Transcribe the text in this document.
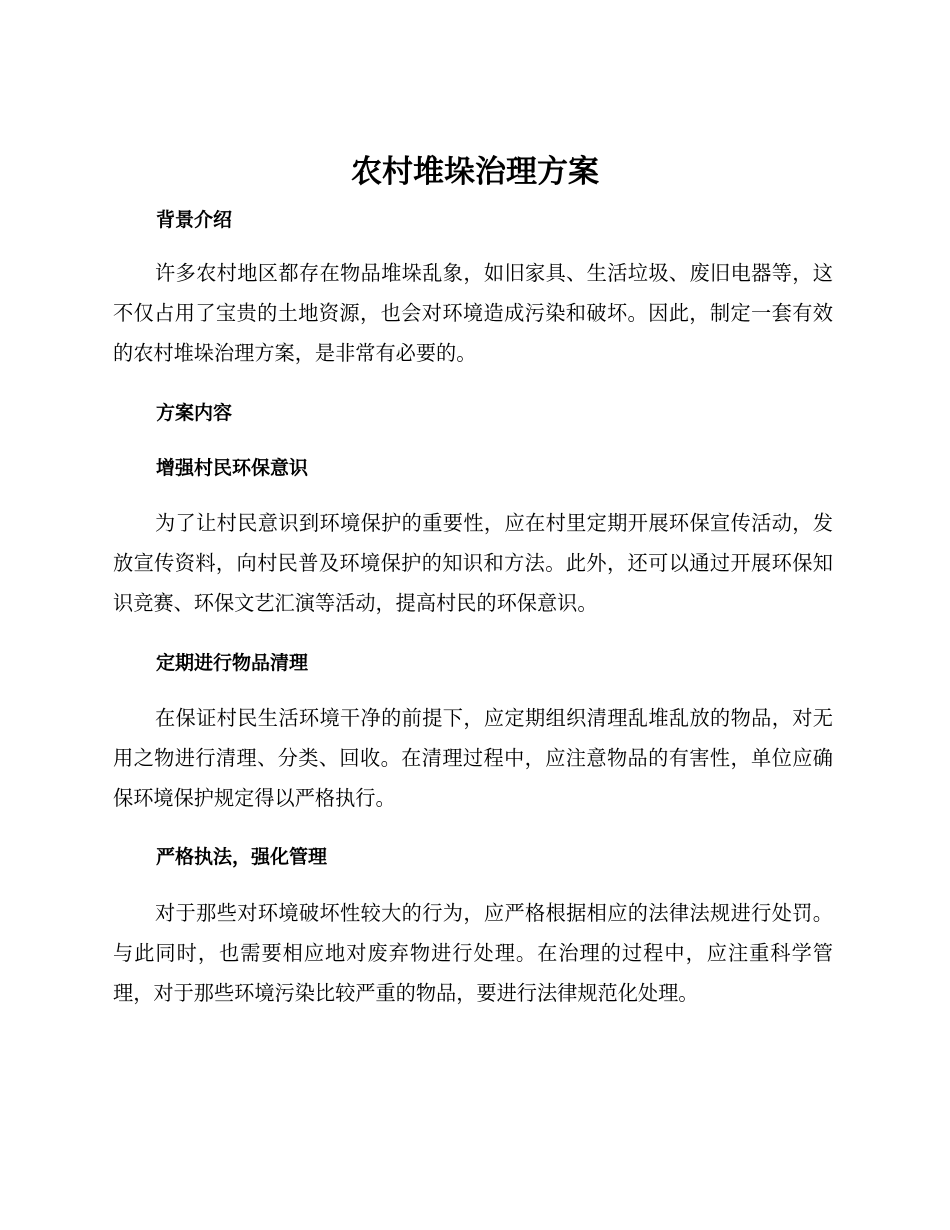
农村堆垛治理方案
背景介绍

许多农村地区都存在物品堆垛乱象，如旧家具、生活垃圾、废旧电器等，这不仅占用了宝贵的土地资源，也会对环境造成污染和破坏。因此，制定一套有效的农村堆垛治理方案，是非常有必要的。

方案内容
增强村民环保意识

为了让村民意识到环境保护的重要性，应在村里定期开展环保宣传活动，发放宣传资料，向村民普及环境保护的知识和方法。此外，还可以通过开展环保知识竞赛、环保文艺汇演等活动，提高村民的环保意识。

定期进行物品清理

在保证村民生活环境干净的前提下，应定期组织清理乱堆乱放的物品，对无用之物进行清理、分类、回收。在清理过程中，应注意物品的有害性，单位应确保环境保护规定得以严格执行。

严格执法，强化管理

对于那些对环境破坏性较大的行为，应严格根据相应的法律法规进行处罚。与此同时，也需要相应地对废弃物进行处理。在治理的过程中，应注重科学管理，对于那些环境污染比较严重的物品，要进行法律规范化处理。
